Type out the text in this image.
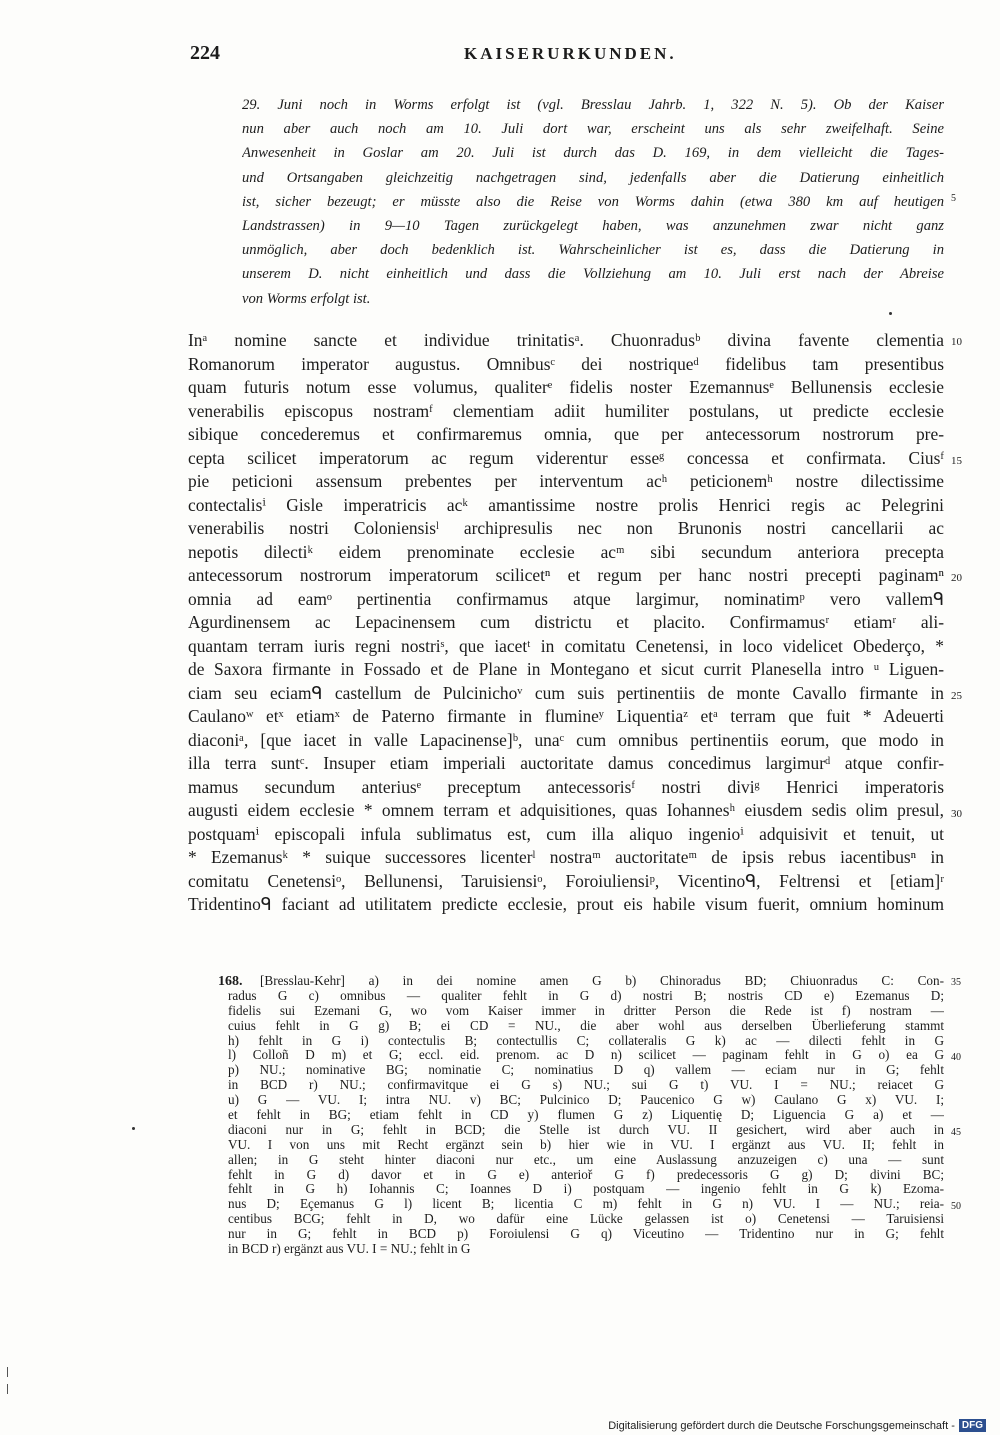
224	KAISERURKUNDEN.
29. Juni noch in Worms erfolgt ist (vgl. Bresslau Jahrb. 1, 322 N. 5). Ob der Kaiser
nun aber auch noch am 10. Juli dort war, erscheint uns als sehr zweifelhaft. Seine
Anwesenheit in Goslar am 20. Juli ist durch das D. 169, in dem vielleicht die Tages-
und Ortsangaben gleichzeitig nachgetragen sind, jedenfalls aber die Datierung einheitlich
ist, sicher bezeugt; er müsste also die Reise von Worms dahin (etwa 380 km auf heutigen
Landstrassen) in 9—10 Tagen zurückgelegt haben, was anzunehmen zwar nicht ganz
unmöglich, aber doch bedenklich ist. Wahrscheinlicher ist es, dass die Datierung in
unserem D. nicht einheitlich und dass die Vollziehung am 10. Juli erst nach der Abreise
von Worms erfolgt ist.
Inᵃ nomine sancte et individue trinitatisᵃ. Chuonradusᵇ divina favente clementia
Romanorum imperator augustus. Omnibusᶜ dei nostriqueᵈ fidelibus tam presentibus
quam futuris notum esse volumus, qualiterᵉ fidelis noster Ezemannusᵉ Bellunensis ecclesie
venerabilis episcopus nostramᶠ clementiam adiit humiliter postulans, ut predicte ecclesie
sibique concederemus et confirmaremus omnia, que per antecessorum nostrorum pre-
cepta scilicet imperatorum ac regum viderentur esseᵍ concessa et confirmata. Ciusᶠ
pie peticioni assensum prebentes per interventum acʰ peticionemʰ nostre dilectissime
contectalisⁱ Gisle imperatricis acᵏ amantissime nostre prolis Henrici regis ac Pelegrini
venerabilis nostri Coloniensisˡ archipresulis nec non Brunonis nostri cancellarii ac
nepotis dilectiᵏ eidem prenominate ecclesie acᵐ sibi secundum anteriora precepta
antecessorum nostrorum imperatorum scilicetⁿ et regum per hanc nostri precepti paginamⁿ
omnia ad eamᵒ pertinentia confirmamus atque largimur, nominatimᵖ vero vallemᑫ
Agurdinensem ac Lepacinensem cum districtu et placito. Confirmamusʳ etiamʳ ali-
quantam terram iuris regni nostriˢ, que iacetᵗ in comitatu Cenetensi, in loco videlicet Obederço, *
de Saxora firmante in Fossado et de Plane in Montegano et sicut currit Planesella intro ᵘ Liguen-
ciam seu eciamᑫ castellum de Pulcinichoᵛ cum suis pertinentiis de monte Cavallo firmante in
Caulanoʷ etˣ etiamˣ de Paterno firmante in flumineʸ Liquentiaᶻ etᵃ terram que fuit * Adeuerti
diaconiᵃ, [que iacet in valle Lapacinense]ᵇ, unaᶜ cum omnibus pertinentiis eorum, que modo in
illa terra suntᶜ. Insuper etiam imperiali auctoritate damus concedimus largimurᵈ atque confir-
mamus secundum anteriusᵉ preceptum antecessorisᶠ nostri diviᵍ Henrici imperatoris
augusti eidem ecclesie * omnem terram et adquisitiones, quas Iohannesʰ eiusdem sedis olim presul,
postquamⁱ episcopali infula sublimatus est, cum illa aliquo ingenioⁱ adquisivit et tenuit, ut
* Ezemanusᵏ * suique successores licenterˡ nostraᵐ auctoritateᵐ de ipsis rebus iacentibusⁿ in
comitatu Cenetensiᵒ, Bellunensi, Taruisiensiᵒ, Foroiuliensiᵖ, Vicentinoᑫ, Feltrensi et [etiam]ʳ
Tridentinoᑫ faciant ad utilitatem predicte ecclesie, prout eis habile visum fuerit, omnium hominum
168.	[Bresslau-Kehr] a) in dei nomine amen G b) Chinoradus BD; Chiuonradus C: Con-
radus G c) omnibus — qualiter fehlt in G d) nostri B; nostris CD e) Ezemanus D;
fidelis sui Ezemani G, wo vom Kaiser immer in dritter Person die Rede ist f) nostram —
cuius fehlt in G g) B; ei CD = NU., die aber wohl aus derselben Überlieferung stammt
h) fehlt in G i) contectulis B; contectullis C; collateralis G k) ac — dilecti fehlt in G
l) Colloñ D m) et G; eccl. eid. prenom. ac D n) scilicet — paginam fehlt in G o) ea G
p) NU.; nominative BG; nominatie C; nominatius D q) vallem — eciam nur in G; fehlt
in BCD r) NU.; confirmavitque ei G s) NU.; sui G t) VU. I = NU.; reiacet G
u) G — VU. I; intra NU. v) BC; Pulcinico D; Paucenico G w) Caulano G x) VU. I;
et fehlt in BG; etiam fehlt in CD y) flumen G z) Liquentię D; Liguencia G a) et —
diaconi nur in G; fehlt in BCD; die Stelle ist durch VU. II gesichert, wird aber auch in
VU. I von uns mit Recht ergänzt sein b) hier wie in VU. I ergänzt aus VU. II; fehlt in
allen; in G steht hinter diaconi nur etc., um eine Auslassung anzuzeigen c) una — sunt
fehlt in G d) davor et in G e) anterioř G f) predecessoris G g) D; divini BC;
fehlt in G h) Iohannis C; Ioannes D i) postquam — ingenio fehlt in G k) Ezoma-
nus D; Eçemanus G l) licent B; licentia C m) fehlt in G n) VU. I — NU.; reia-
centibus BCG; fehlt in D, wo dafür eine Lücke gelassen ist o) Cenetensi — Taruisiensi
nur in G; fehlt in BCD p) Foroiulensi G q) Viceutino — Tridentino nur in G; fehlt
in BCD r) ergänzt aus VU. I = NU.; fehlt in G
5
10
15
20
25
30
35
40
45
50
Digitalisierung gefördert durch die Deutsche Forschungsgemeinschaft - DFG
